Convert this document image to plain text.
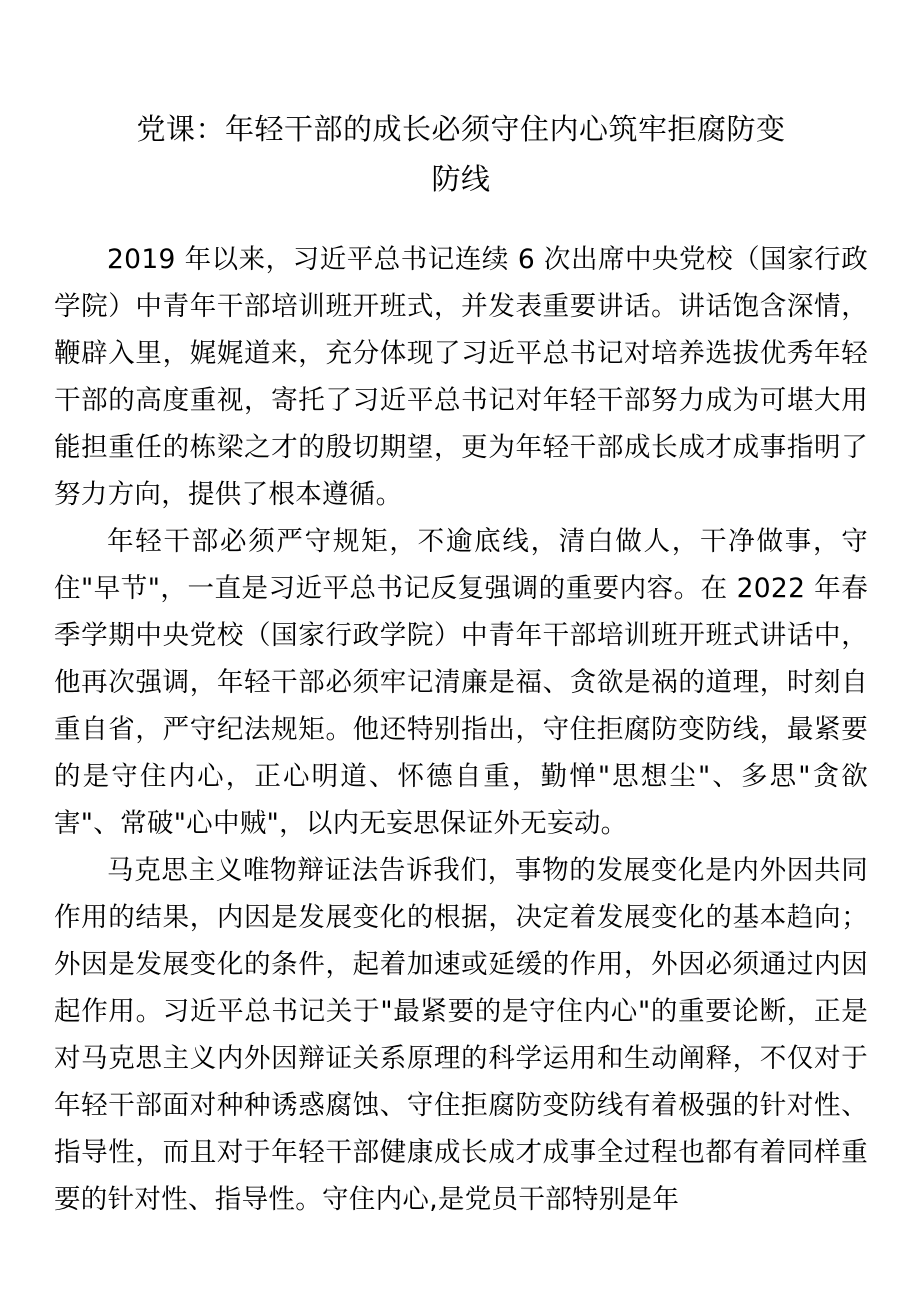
党课：年轻干部的成长必须守住内心筑牢拒腐防变
防线

2019 年以来，习近平总书记连续 6 次出席中央党校（国家行政学院）中青年干部培训班开班式，并发表重要讲话。讲话饱含深情，鞭辟入里，娓娓道来，充分体现了习近平总书记对培养选拔优秀年轻干部的高度重视，寄托了习近平总书记对年轻干部努力成为可堪大用能担重任的栋梁之才的殷切期望，更为年轻干部成长成才成事指明了努力方向，提供了根本遵循。

年轻干部必须严守规矩，不逾底线，清白做人，干净做事，守住"早节"，一直是习近平总书记反复强调的重要内容。在 2022 年春季学期中央党校（国家行政学院）中青年干部培训班开班式讲话中，他再次强调，年轻干部必须牢记清廉是福、贪欲是祸的道理，时刻自重自省，严守纪法规矩。他还特别指出，守住拒腐防变防线，最紧要的是守住内心，正心明道、怀德自重，勤惮"思想尘"、多思"贪欲害"、常破"心中贼"，以内无妄思保证外无妄动。

马克思主义唯物辩证法告诉我们，事物的发展变化是内外因共同作用的结果，内因是发展变化的根据，决定着发展变化的基本趋向；外因是发展变化的条件，起着加速或延缓的作用，外因必须通过内因起作用。习近平总书记关于"最紧要的是守住内心"的重要论断，正是对马克思主义内外因辩证关系原理的科学运用和生动阐释，不仅对于年轻干部面对种种诱惑腐蚀、守住拒腐防变防线有着极强的针对性、指导性，而且对于年轻干部健康成长成才成事全过程也都有着同样重要的针对性、指导性。守住内心,是党员干部特别是年
